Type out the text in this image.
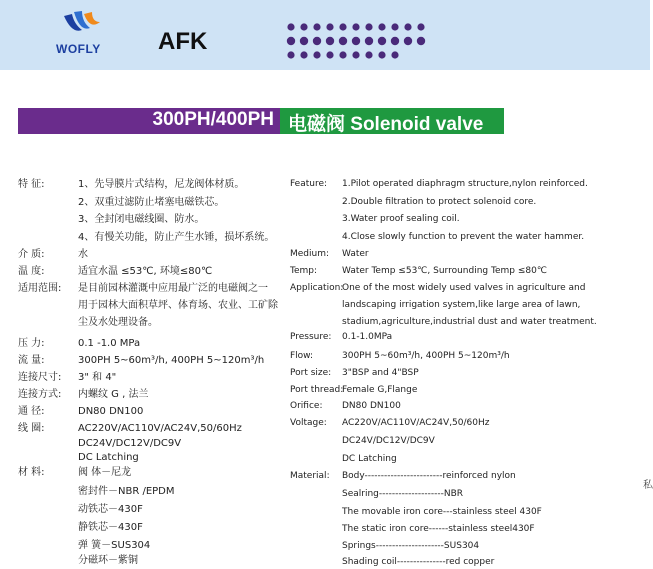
WOFLY AFK
300PH/400PH 电磁阀 Solenoid valve
特 征:	1、先导膜片式结构，尼龙阀体材质。
2、双重过滤防止堵塞电磁铁芯。
3、全封闭电磁线圈、防水。
4、有慢关功能，防止产生水锤，损坏系统。
介 质:	水
温 度:	适宜水温 ≤53℃, 环境≤80℃
适用范围: 是目前园林灌溉中应用最广泛的电磁阀之一
用于园林大面积草坪、体育场、农业、工矿除
尘及水处理设备。
压 力:	0.1 -1.0 MPa
流 量:	300PH 5~60m³/h, 400PH 5~120m³/h
连接尺寸: 3" 和 4"
连接方式: 内螺纹 G , 法兰
通 径:	DN80 DN100
线 圈:	AC220V/AC110V/AC24V,50/60Hz
DC24V/DC12V/DC9V
DC Latching
材 料:	阀 体－尼龙
密封件－NBR /EPDM
动铁芯－430F
静铁芯－430F
弹 簧－SUS304
分磁环－紫铜
Feature: 1.Pilot operated diaphragm structure,nylon reinforced.
2.Double filtration to protect solenoid core.
3.Water proof sealing coil.
4.Close slowly function to prevent the water hammer.
Medium: Water
Temp:	Water Temp ≤53℃, Surrounding Temp ≤80℃
Application:
One of the most widely used valves in agriculture and
landscaping irrigation system,like large area of lawn,
stadium,agriculture,industrial dust and water treatment.
Pressure: 0.1-1.0MPa
Flow:	300PH 5~60m³/h, 400PH 5~120m³/h
Port size: 3"BSP and 4"BSP
Port thread:
Female G,Flange
Orifice: DN80 DN100
Voltage: AC220V/AC110V/AC24V,50/60Hz
DC24V/DC12V/DC9V
DC Latching
Material: Body------------------------reinforced nylon
Sealring--------------------NBR
The movable iron core---stainless steel 430F
The static iron core------stainless steel430F
Springs---------------------SUS304
Shading coil---------------red copper
私
